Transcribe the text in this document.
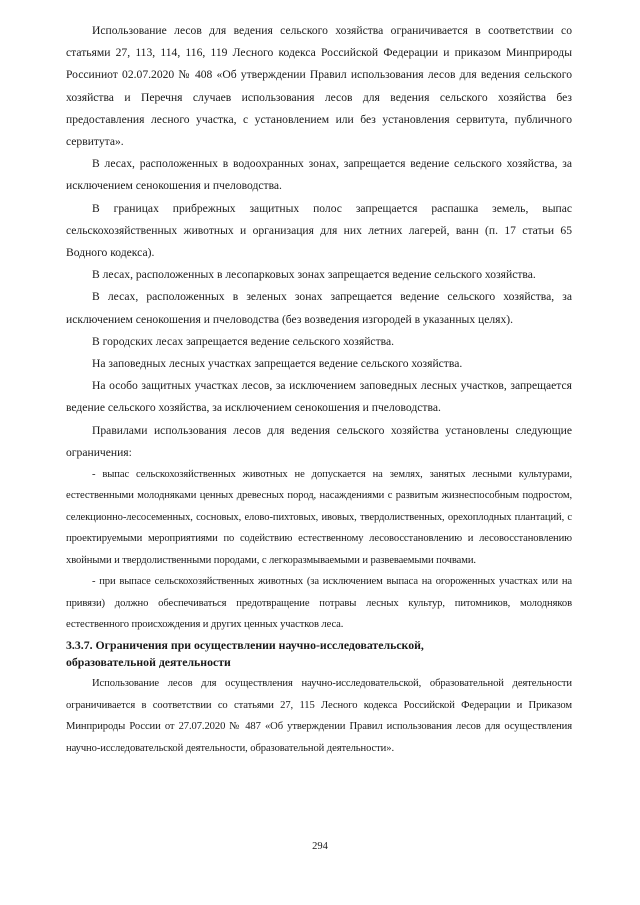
Использование лесов для ведения сельского хозяйства ограничивается в соответствии со статьями 27, 113, 114, 116, 119 Лесного кодекса Российской Федерации и приказом Минприроды Россиниот 02.07.2020 № 408 «Об утверждении Правил использования лесов для ведения сельского хозяйства и Перечня случаев использования лесов для ведения сельского хозяйства без предоставления лесного участка, с установлением или без установления сервитута, публичного сервитута».

В лесах, расположенных в водоохранных зонах, запрещается ведение сельского хозяйства, за исключением сенокошения и пчеловодства.

В границах прибрежных защитных полос запрещается распашка земель, выпас сельскохозяйственных животных и организация для них летних лагерей, ванн (п. 17 статьи 65 Водного кодекса).

В лесах, расположенных в лесопарковых зонах запрещается ведение сельского хозяйства.

В лесах, расположенных в зеленых зонах запрещается ведение сельского хозяйства, за исключением сенокошения и пчеловодства (без возведения изгородей в указанных целях).

В городских лесах запрещается ведение сельского хозяйства.

На заповедных лесных участках запрещается ведение сельского хозяйства.

На особо защитных участках лесов, за исключением заповедных лесных участков, запрещается ведение сельского хозяйства, за исключением сенокошения и пчеловодства.

Правилами использования лесов для ведения сельского хозяйства установлены следующие ограничения:

- выпас сельскохозяйственных животных не допускается на землях, занятых лесными культурами, естественными молодняками ценных древесных пород, насаждениями с развитым жизнеспособным подростом, селекционно-лесосеменных, сосновых, елово-пихтовых, ивовых, твердолиственных, орехоплодных плантаций, с проектируемыми мероприятиями по содействию естественному лесовосстановлению и лесовосстановлению хвойными и твердолиственными породами, с легкоразмываемыми и развеваемыми почвами.

- при выпасе сельскохозяйственных животных (за исключением выпаса на огороженных участках или на привязи) должно обеспечиваться предотвращение потравы лесных культур, питомников, молодняков естественного происхождения и других ценных участков леса.

3.3.7. Ограничения при осуществлении научно-исследовательской,
образовательной деятельности

Использование лесов для осуществления научно-исследовательской, образовательной деятельности ограничивается в соответствии со статьями 27, 115 Лесного кодекса Российской Федерации и Приказом Минприроды России от 27.07.2020 № 487 «Об утверждении Правил использования лесов для осуществления научно-исследовательской деятельности, образовательной деятельности».

294
